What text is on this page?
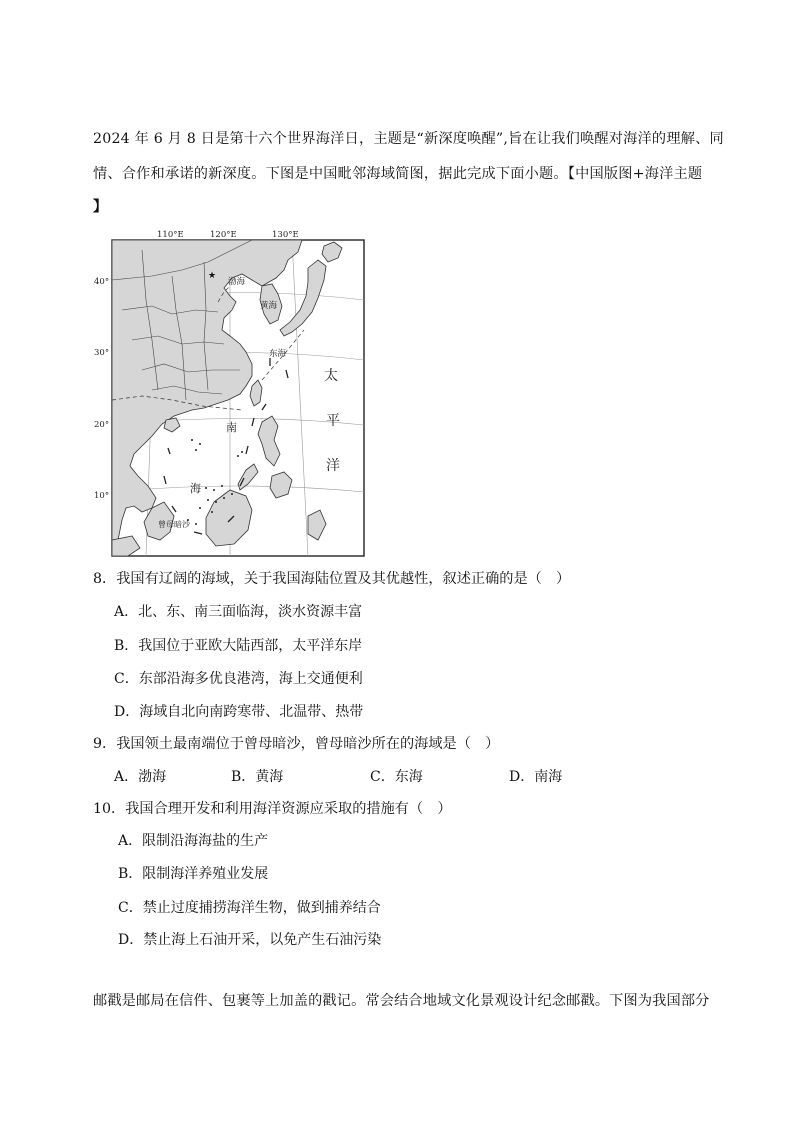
2024 年 6 月 8 日是第十六个世界海洋日，主题是“新深度唤醒”,旨在让我们唤醒对海洋的理解、同
情、合作和承诺的新深度。下图是中国毗邻海域简图，据此完成下面小题。【中国版图+海洋主题
】
110°E	120°E	130°E
★
渤海
黄海
东海
南
海
曾母暗沙
太
平
洋
40°
30°
20°
10°
8．我国有辽阔的海域，关于我国海陆位置及其优越性，叙述正确的是（　）
A．北、东、南三面临海，淡水资源丰富
B．我国位于亚欧大陆西部，太平洋东岸
C．东部沿海多优良港湾，海上交通便利
D．海域自北向南跨寒带、北温带、热带
9．我国领土最南端位于曾母暗沙，曾母暗沙所在的海域是（　）
A．渤海	B．黄海	C．东海	D．南海
10．我国合理开发和利用海洋资源应采取的措施有（　）
A．限制沿海海盐的生产
B．限制海洋养殖业发展
C．禁止过度捕捞海洋生物，做到捕养结合
D．禁止海上石油开采，以免产生石油污染
邮戳是邮局在信件、包裹等上加盖的戳记。常会结合地域文化景观设计纪念邮戳。下图为我国部分
